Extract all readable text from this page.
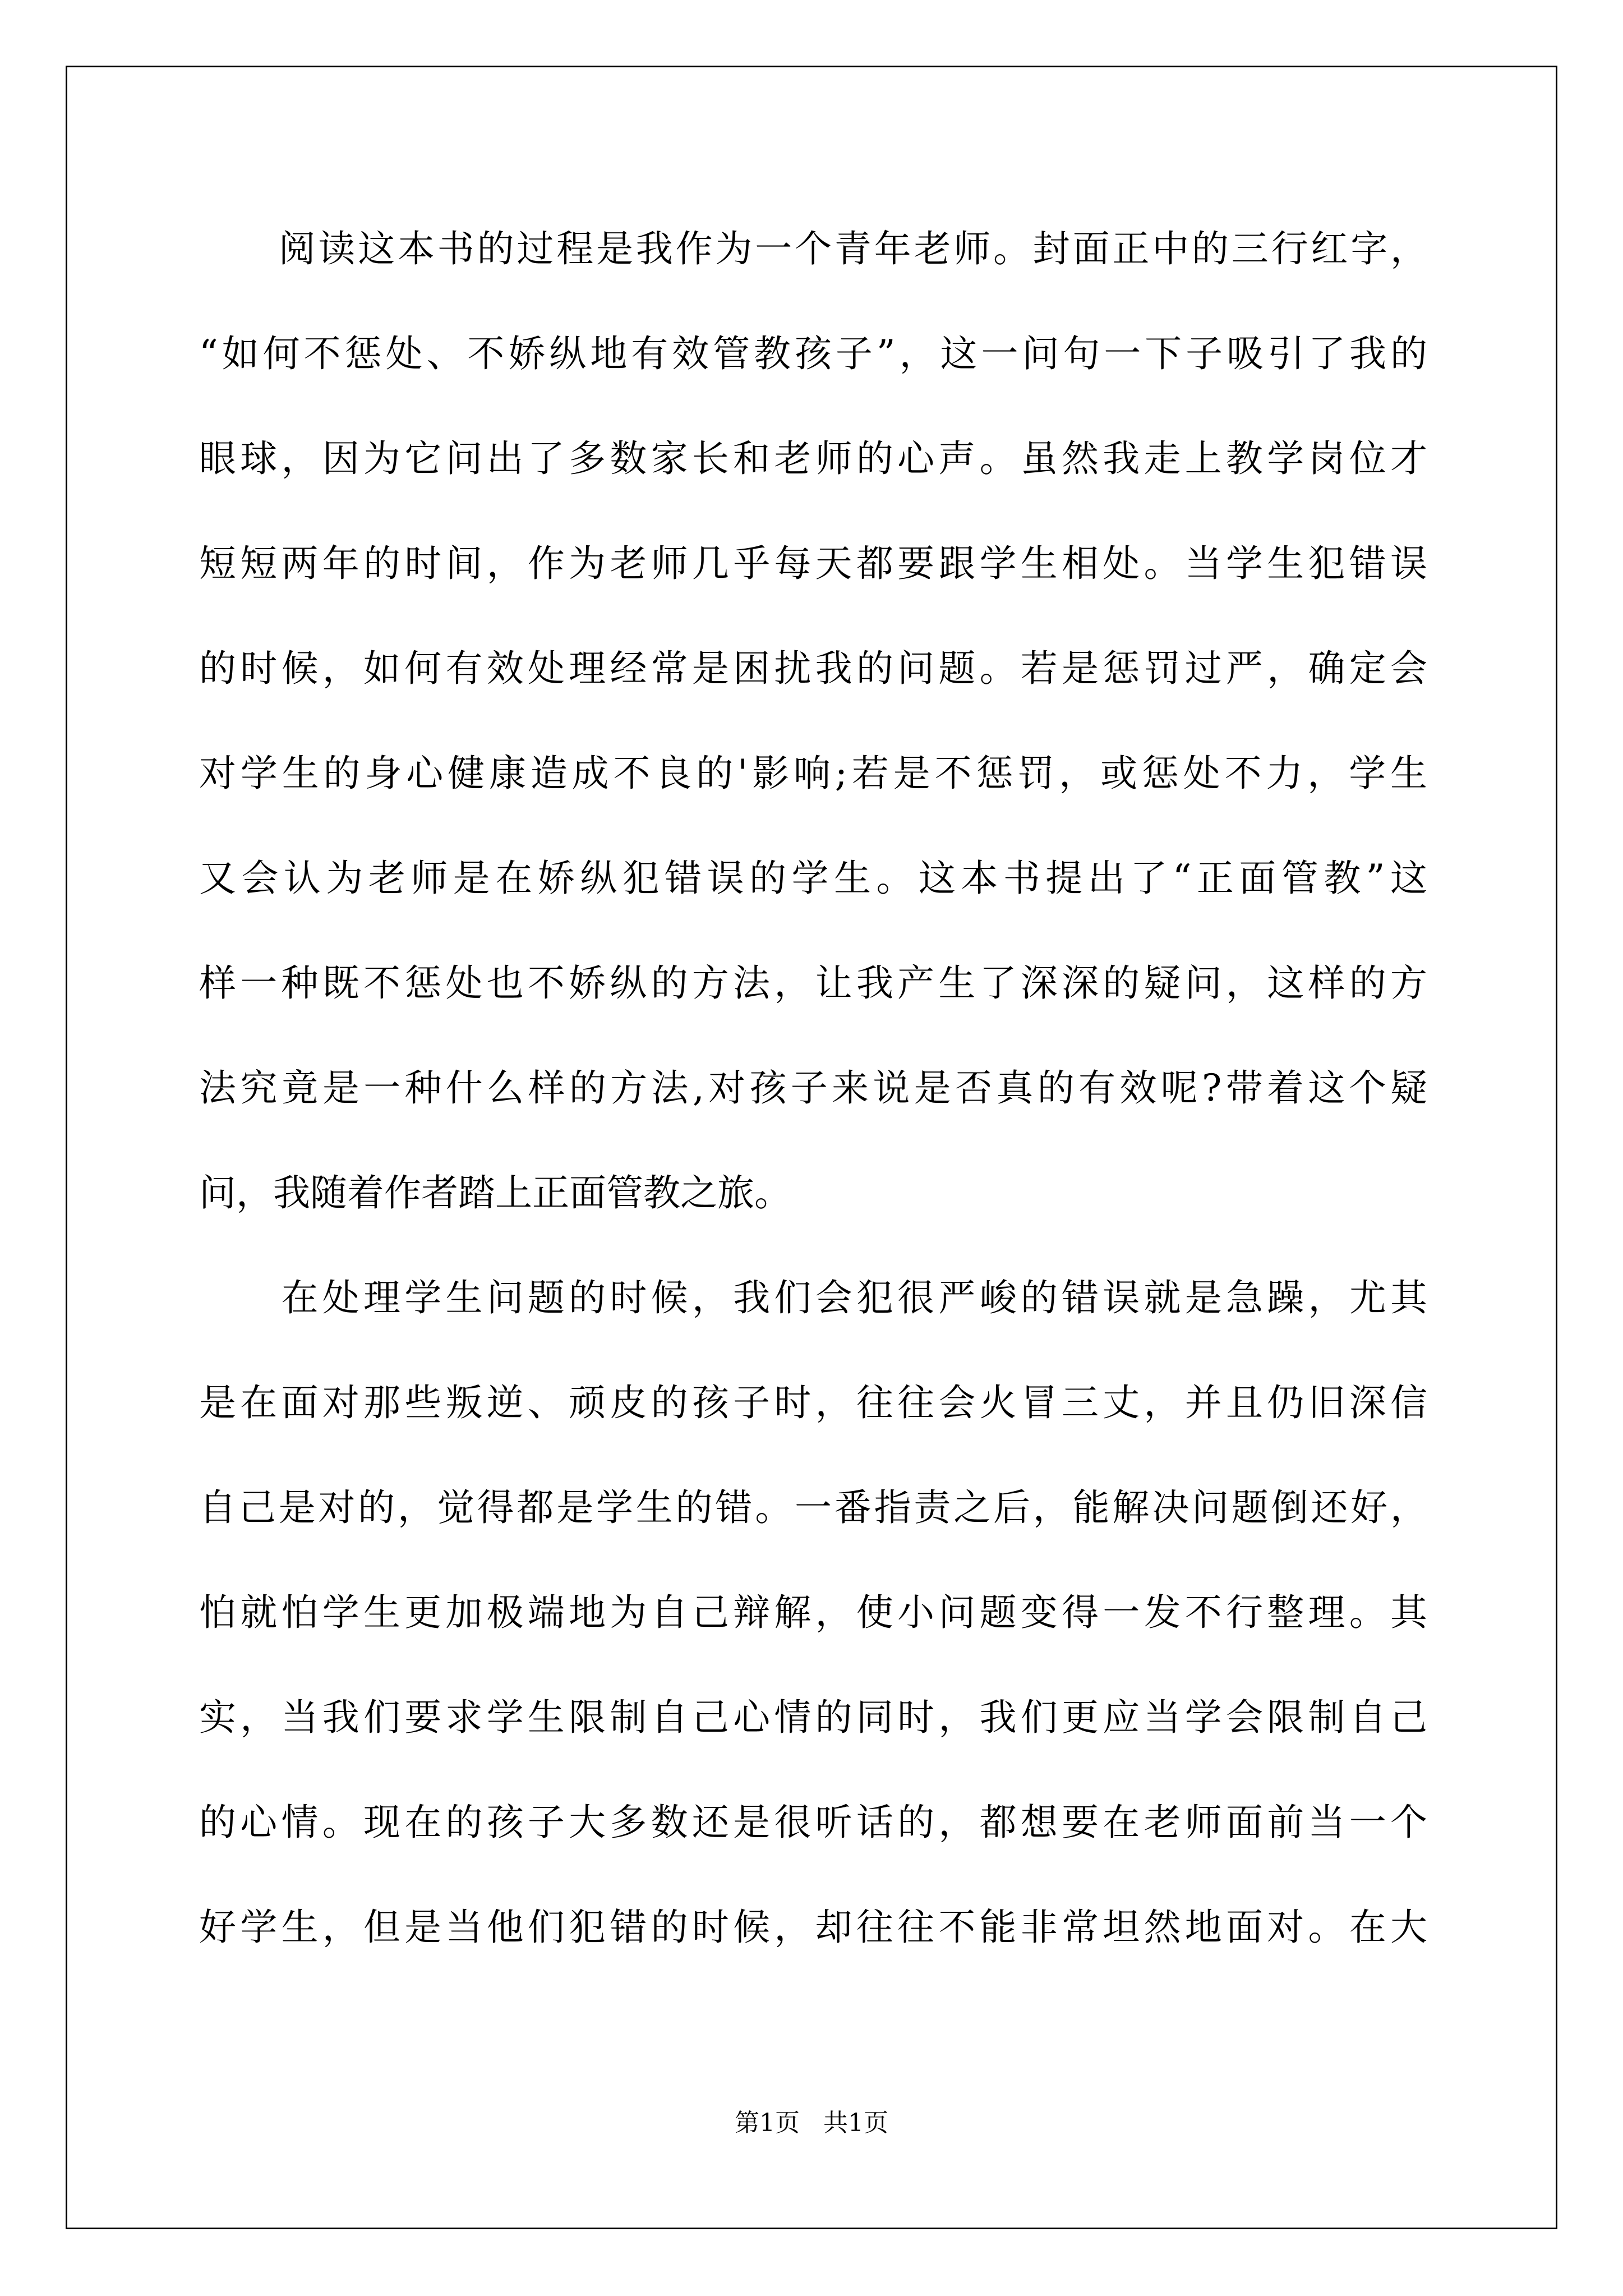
　　阅读这本书的过程是我作为一个青年老师。封面正中的三行红字，
“如何不惩处、不娇纵地有效管教孩子”，这一问句一下子吸引了我的
眼球，因为它问出了多数家长和老师的心声。虽然我走上教学岗位才
短短两年的时间，作为老师几乎每天都要跟学生相处。当学生犯错误
的时候，如何有效处理经常是困扰我的问题。若是惩罚过严，确定会
对学生的身心健康造成不良的'影响;若是不惩罚，或惩处不力，学生
又会认为老师是在娇纵犯错误的学生。这本书提出了“正面管教”这
样一种既不惩处也不娇纵的方法，让我产生了深深的疑问，这样的方
法究竟是一种什么样的方法,对孩子来说是否真的有效呢?带着这个疑
问，我随着作者踏上正面管教之旅。
　　在处理学生问题的时候，我们会犯很严峻的错误就是急躁，尤其
是在面对那些叛逆、顽皮的孩子时，往往会火冒三丈，并且仍旧深信
自己是对的，觉得都是学生的错。一番指责之后，能解决问题倒还好，
怕就怕学生更加极端地为自己辩解，使小问题变得一发不行整理。其
实，当我们要求学生限制自己心情的同时，我们更应当学会限制自己
的心情。现在的孩子大多数还是很听话的，都想要在老师面前当一个
好学生，但是当他们犯错的时候，却往往不能非常坦然地面对。在大
第1页   共1页
